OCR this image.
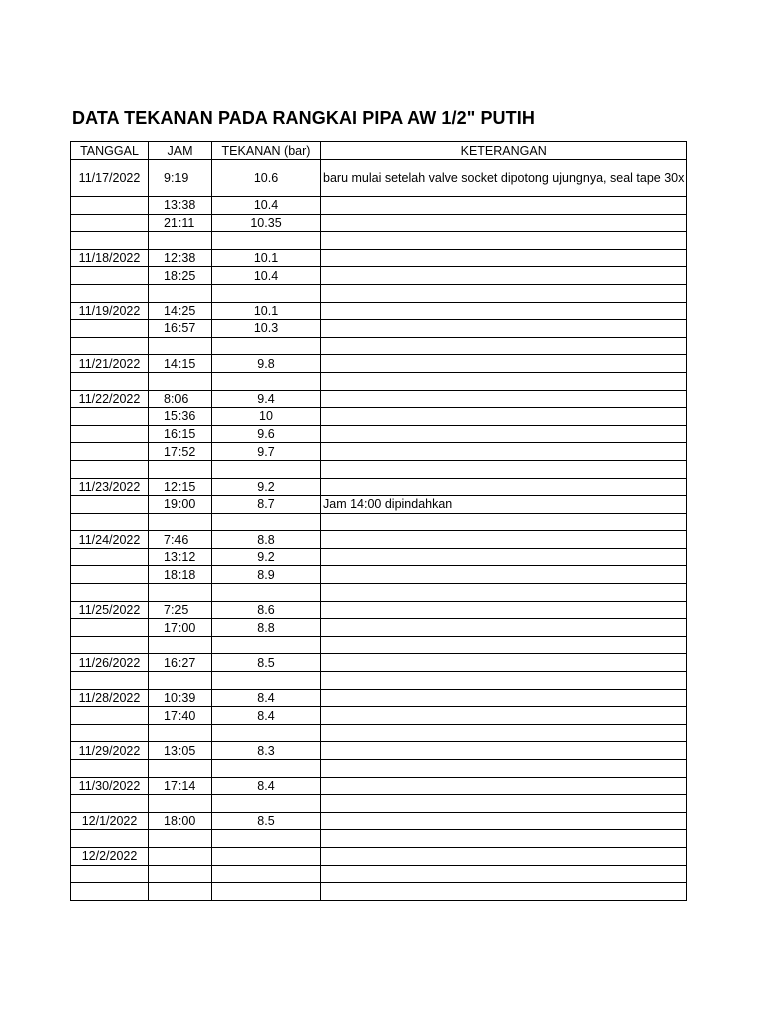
DATA TEKANAN PADA RANGKAI PIPA AW 1/2" PUTIH
TANGGAL	JAM	TEKANAN (bar)	KETERANGAN
11/17/2022	9:19	10.6	baru mulai setelah valve socket dipotong ujungnya, seal tape 30x
	13:38	10.4	
	21:11	10.35	

11/18/2022	12:38	10.1	
	18:25	10.4	

11/19/2022	14:25	10.1	
	16:57	10.3	

11/21/2022	14:15	9.8	

11/22/2022	8:06	9.4	
	15:36	10	
	16:15	9.6	
	17:52	9.7	

11/23/2022	12:15	9.2	
	19:00	8.7	Jam 14:00 dipindahkan

11/24/2022	7:46	8.8	
	13:12	9.2	
	18:18	8.9	

11/25/2022	7:25	8.6	
	17:00	8.8	

11/26/2022	16:27	8.5	

11/28/2022	10:39	8.4	
	17:40	8.4	

11/29/2022	13:05	8.3	

11/30/2022	17:14	8.4	

12/1/2022	18:00	8.5	

12/2/2022			
